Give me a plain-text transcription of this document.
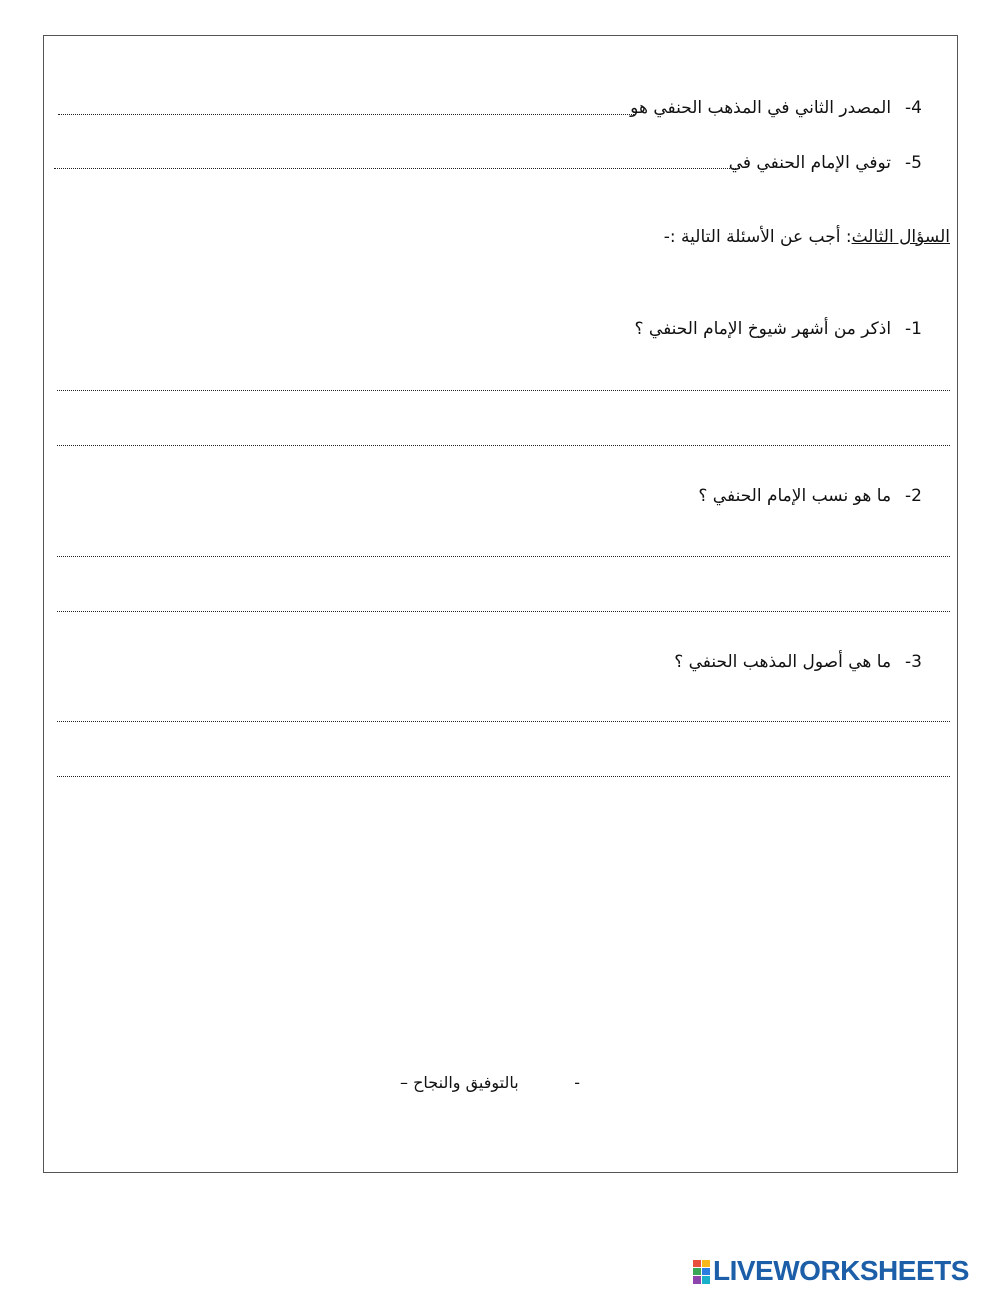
-4
المصدر الثاني في المذهب الحنفي هو
-5
توفي الإمام الحنفي في
السؤال الثالث: أجب عن الأسئلة التالية :-
-1
اذكر من أشهر شيوخ الإمام الحنفي ؟
-2
ما هو نسب الإمام الحنفي ؟
-3
ما هي أصول المذهب الحنفي ؟
-
بالتوفيق والنجاح –
LIVEWORKSHEETS
